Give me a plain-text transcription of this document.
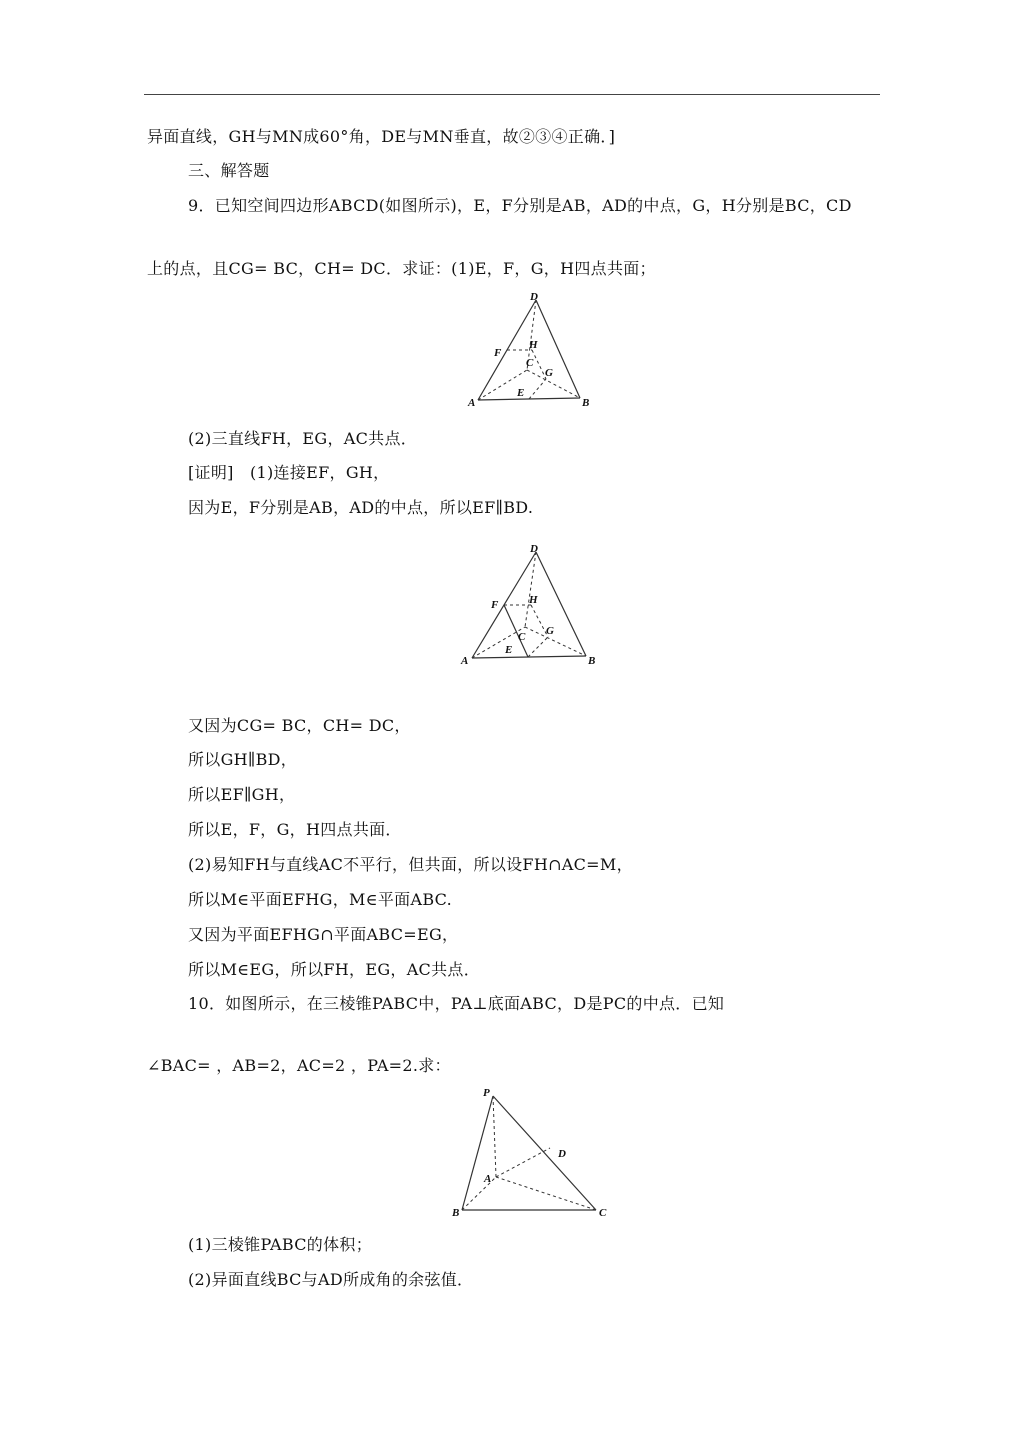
异面直线，GH与MN成60°角，DE与MN垂直，故②③④正确．]
三、解答题
9．已知空间四边形ABCD(如图所示)，E，F分别是AB，AD的中点，G，H分别是BC，CD
上的点，且CG= BC，CH= DC．求证：(1)E，F，G，H四点共面；
D
F
H
C
G
A
E
B
(2)三直线FH，EG，AC共点．
[证明]　(1)连接EF，GH，
因为E，F分别是AB，AD的中点，所以EF∥BD.
D
F	H
C G
A
E
B
又因为CG= BC，CH= DC，
所以GH∥BD，
所以EF∥GH，
所以E，F，G，H四点共面．
(2)易知FH与直线AC不平行，但共面，所以设FH∩AC=M，
所以M∈平面EFHG，M∈平面ABC.
又因为平面EFHG∩平面ABC=EG，
所以M∈EG，所以FH，EG，AC共点．
10．如图所示，在三棱锥PABC中，PA⊥底面ABC，D是PC的中点．已知
∠BAC= ，AB=2，AC=2 ，PA=2.求：
P
D
A
B	C
(1)三棱锥PABC的体积；
(2)异面直线BC与AD所成角的余弦值．
